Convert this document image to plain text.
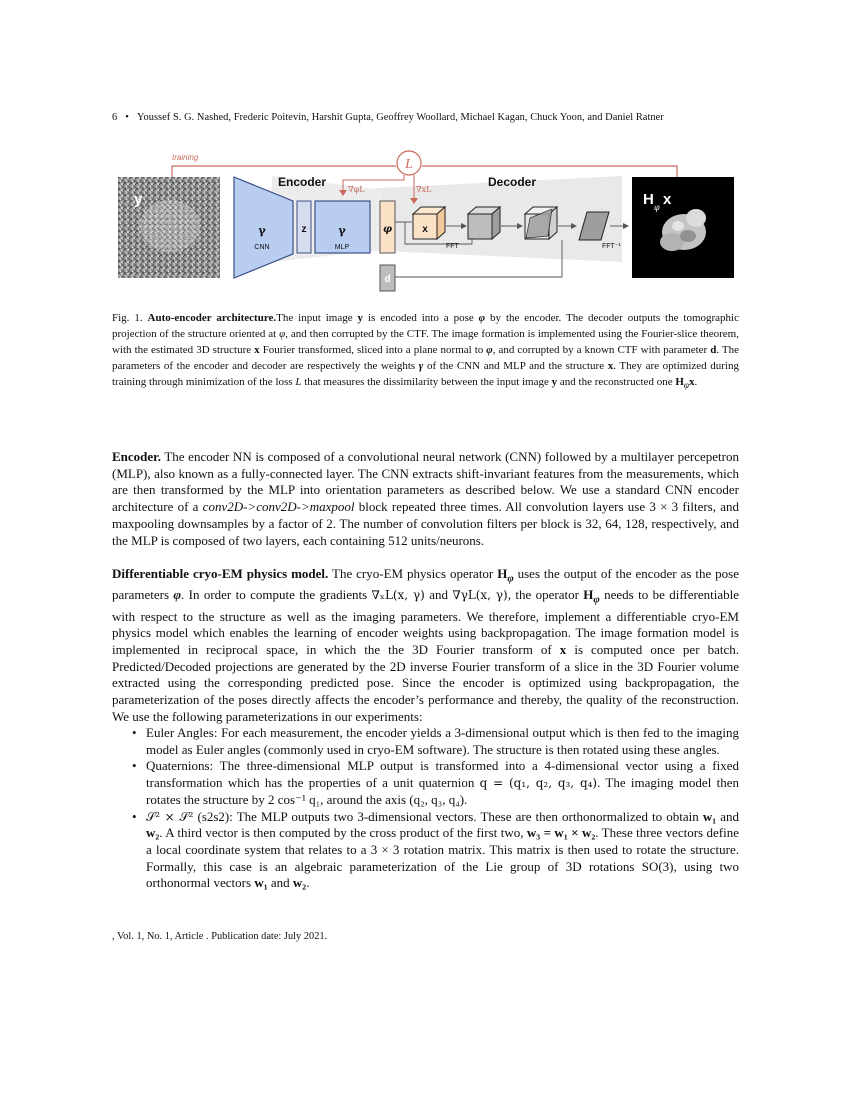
6 • Youssef S. G. Nashed, Frederic Poitevin, Harshit Gupta, Geoffrey Woollard, Michael Kagan, Chuck Yoon, and Daniel Ratner
training	L
∇φL	∇xL
y
Encoder	Decoder
γ
CNN
z	γ
MLP
φ
d
x
FFT	FFT⁻¹
H φ x
Fig. 1. Auto-encoder architecture.The input image y is encoded into a pose φ by the encoder. The decoder outputs the tomographic projection of the structure oriented at φ, and then corrupted by the CTF. The image formation is implemented using the Fourier-slice theorem, with the estimated 3D structure x Fourier transformed, sliced into a plane normal to φ, and corrupted by a known CTF with parameter d. The parameters of the encoder and decoder are respectively the weights γ of the CNN and MLP and the structure x. They are optimized during training through minimization of the loss L that measures the dissimilarity between the input image y and the reconstructed one $H_\varphi x$.
Encoder. The encoder NN is composed of a convolutional neural network (CNN) followed by a multilayer percepetron (MLP), also known as a fully-connected layer. The CNN extracts shift-invariant features from the measurements, which are then transformed by the MLP into orientation parameters as described below. We use a standard CNN encoder architecture of a conv2D->conv2D->maxpool block repeated three times. All convolution layers use 3 × 3 filters, and maxpooling downsamples by a factor of 2. The number of convolution filters per block is 32, 64, 128, respectively, and the MLP is composed of two layers, each containing 512 units/neurons.
Differentiable cryo-EM physics model. The cryo-EM physics operator $H_\varphi$ uses the output of the encoder as the pose parameters φ. In order to compute the gradients ∇ₓL(x, γ) and ∇γL(x, γ), the operator $H_\varphi$ needs to be differentiable with respect to the structure as well as the imaging parameters. We therefore, implement a differentiable cryo-EM physics model which enables the learning of encoder weights using backpropagation. The image formation model is implemented in reciprocal space, in which the the 3D Fourier transform of x is computed once per batch. Predicted/Decoded projections are generated by the 2D inverse Fourier transform of a slice in the 3D Fourier volume extracted using the corresponding predicted pose. Since the encoder is optimized using backpropagation, the parameterization of the poses directly affects the encoder’s performance and thereby, the quality of the reconstruction. We use the following parameterizations in our experiments:

• Euler Angles: For each measurement, the encoder yields a 3-dimensional output which is then fed to the imaging model as Euler angles (commonly used in cryo-EM software). The structure is then rotated using these angles.

• Quaternions: The three-dimensional MLP output is transformed into a 4-dimensional vector using a fixed transformation which has the properties of a unit quaternion q = (q₁, q₂, q₃, q₄). The imaging model then rotates the structure by 2 cos⁻¹ q₁, around the axis (q₂, q₃, q₄).

• 𝒮² × 𝒮² (s2s2): The MLP outputs two 3-dimensional vectors. These are then orthonormalized to obtain w₁ and w₂. A third vector is then computed by the cross product of the first two, w₃ = w₁ × w₂. These three vectors define a local coordinate system that relates to a 3 × 3 rotation matrix. This matrix is then used to rotate the structure. Formally, this case is an algebraic parameterization of the Lie group of 3D rotations SO(3), using two orthonormal vectors w₁ and w₂.

, Vol. 1, No. 1, Article . Publication date: July 2021.
